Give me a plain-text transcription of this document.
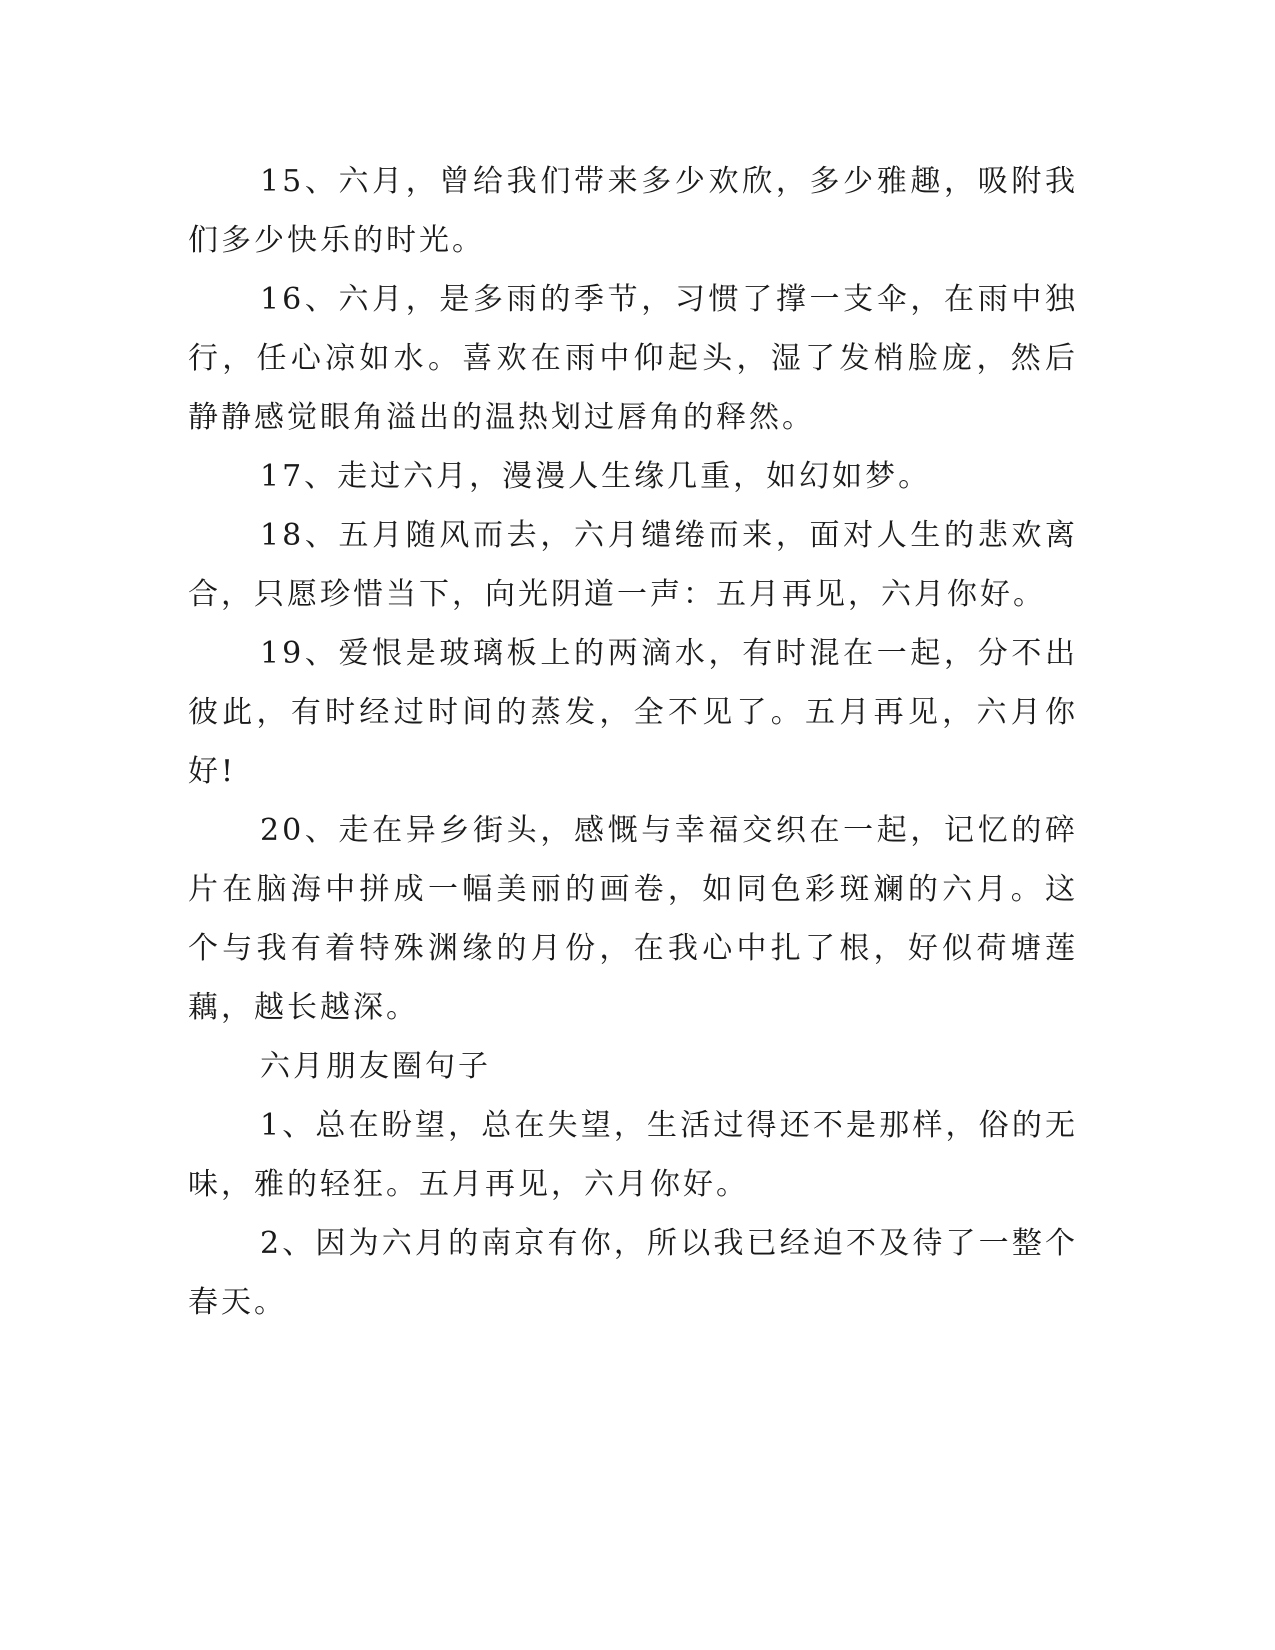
15、六月，曾给我们带来多少欢欣，多少雅趣，吸附我们多少快乐的时光。

16、六月，是多雨的季节，习惯了撑一支伞，在雨中独行，任心凉如水。喜欢在雨中仰起头，湿了发梢脸庞，然后静静感觉眼角溢出的温热划过唇角的释然。

17、走过六月，漫漫人生缘几重，如幻如梦。

18、五月随风而去，六月缱绻而来，面对人生的悲欢离合，只愿珍惜当下，向光阴道一声：五月再见，六月你好。

19、爱恨是玻璃板上的两滴水，有时混在一起，分不出彼此，有时经过时间的蒸发，全不见了。五月再见，六月你好!

20、走在异乡街头，感慨与幸福交织在一起，记忆的碎片在脑海中拼成一幅美丽的画卷，如同色彩斑斓的六月。这个与我有着特殊渊缘的月份，在我心中扎了根，好似荷塘莲藕，越长越深。

六月朋友圈句子

1、总在盼望，总在失望，生活过得还不是那样，俗的无味，雅的轻狂。五月再见，六月你好。

2、因为六月的南京有你，所以我已经迫不及待了一整个春天。
